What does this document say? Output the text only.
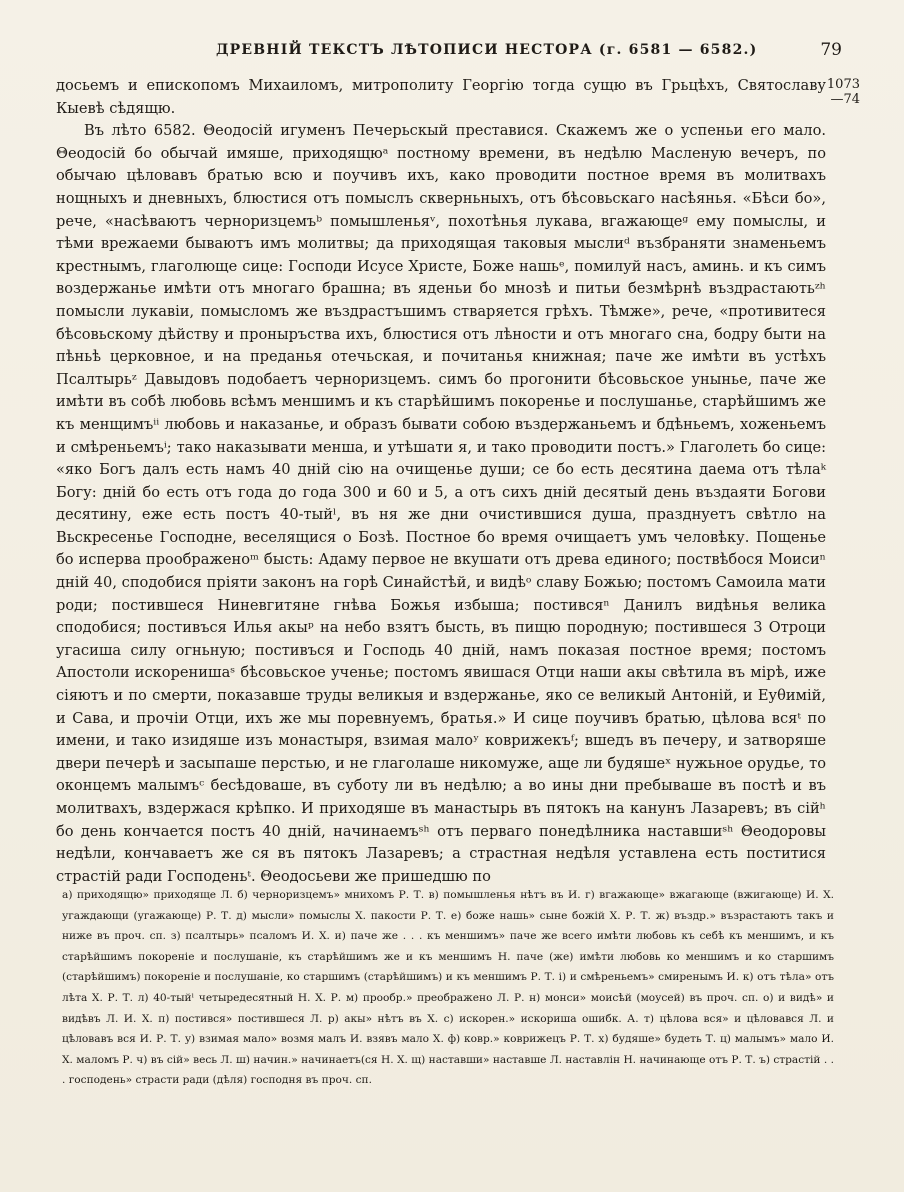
ДРЕВНІЙ ТЕКСТЪ ЛѢТОПИСИ НЕСТОРА (г. 6581 — 6582.)	79
1073
—74

досьемъ и епископомъ Михаиломъ, митрополиту Георгію тогда сущю въ Грьцѣхъ, Святославу Кыевѣ сѣдящю.

Въ лѣто 6582. Θеодосій игуменъ Печерьскый преставися. Скажемъ же о успеньи его мало. Θеодосій бо обычай имяше, приходящюᵃ постному времени, въ недѣлю Масленую вечеръ, по обычаю цѣловавъ братью всю и поучивъ ихъ, како проводити постное время въ молитвахъ нощныхъ и дневныхъ, блюстися отъ помыслъ скверньныхъ, отъ бѣсовьскаго насѣянья. «Бѣси бо», рече, «насѣваютъ черноризцемъᵇ помышленьяᵛ, похотѣнья лукава, вгажающеᵍ ему помыслы, и тѣми врежаеми бываютъ имъ молитвы; да приходящая таковыя мыслиᵈ възбраняти знаменьемъ крестнымъ, глаголюще сице: Господи Исусе Христе, Боже нашьᵉ, помилуй насъ, аминь. и къ симъ воздержанье имѣти отъ многаго брашна; въ яденьи бо мнозѣ и питьи безмѣрнѣ въздрастаютьᶻʰ помысли лукавіи, помысломъ же въздрастъшимъ стваряется грѣхъ. Тѣмже», рече, «противитеся бѣсовьскому дѣйству и проныръства ихъ, блюстися отъ лѣности и отъ многаго сна, бодру быти на пѣньѣ церковное, и на преданья отечьская, и почитанья книжная; паче же имѣти въ устѣхъ Псалтырьᶻ Давыдовъ подобаетъ черноризцемъ. симъ бо прогонити бѣсовьское уныньe, паче же имѣти въ собѣ любовь всѣмъ меншимъ и къ старѣйшимъ покореньe и послушаньe, старѣйшимъ же къ менщимъⁱⁱ любовь и наказаньe, и образъ бывати собою въздержаньемъ и бдѣньемъ, хоженьемъ и смѣреньемъⁱ; тако наказывати менша, и утѣшати я, и тако проводити постъ.» Глаголеть бо сице: «яко Богъ далъ есть намъ 40 дній сію на очищенье души; се бо есть десятина даема отъ тѣлаᵏ Богу: дній бо есть отъ года до года 300 и 60 и 5, а отъ сихъ дній десятый день въздаяти Богови десятину, еже есть постъ 40-тыйˡ, въ ня же дни очистившися душа, празднуетъ свѣтло на Вьскресенье Господне, веселящися о Бозѣ. Постное бо время очищаетъ умъ человѣку. Пощенье бо исперва проображеноᵐ бысть: Адаму первое не вкушати отъ древа единого; поствѣбося Моисиⁿ дній 40, сподобися пріяти законъ на горѣ Синайстѣй, и видѣᵒ славу Божью; постомъ Самоила мати роди; постившеся Ниневгитяне гнѣва Божья избыша; постивсяⁿ Данилъ видѣнья велика сподобися; постивъся Илья акыᵖ на небо взятъ бысть, въ пищю породную; постившеся 3 Отроци угасиша силу огньную; постивъся и Господь 40 дній, намъ показая постное время; постомъ Апостоли искоренишаˢ бѣсовьское ученье; постомъ явишася Отци наши акы свѣтила въ мірѣ, иже сіяютъ и по смерти, показавше труды великыя и вздержанье, яко се великый Антоній, и Еуθимій, и Сава, и прочіи Отци, ихъ же мы поревнуемъ, братья.» И сице поучивъ братью, цѣлова всяᵗ по имени, и тако изидяше изъ монастыря, взимая малоʸ коврижекъᶠ; вшедъ въ печеру, и затворяше двери печерѣ и засыпаше перстью, и не глаголаше никомуже, аще ли будяшеˣ нужьное орудье, то оконцемъ малымъᶜ бесѣдоваше, въ суботу ли въ недѣлю; а во ины дни пребываше въ постѣ и въ молитвахъ, вздержася крѣпко. И приходяше въ манастырь въ пятокъ на канунъ Лазаревъ; въ сійʰ бо день кончается постъ 40 дній, начинаемъˢʰ отъ перваго понедѣлника наставшиˢʰ Θеодоровы недѣли, кончаваетъ же ся въ пятокъ Лазаревъ; а страстная недѣля уставлена есть поститися страстій ради Господеньᵗ. Θеодосьеви же пришедшю по

а) приходящю» приходяще Л. б) черноризцемъ» мнихомъ Р. Т. в) помышленья нѣтъ въ И. г) вгажающе» вжагающе (вжигающе) И. Х. угаждающи (угажающе) Р. Т. д) мысли» помыслы Х. пакости Р. Т. е) боже нашь» сыне божій Х. Р. Т. ж) въздр.» възрастаютъ такъ и ниже въ проч. сп. з) псалтырь» псаломъ И. Х. и) паче же . . . къ меншимъ» паче же всего имѣти любовь къ себѣ къ меншимъ, и къ старѣйшимъ покореніе и послушаніе, къ старѣйшимъ же и къ меншимъ Н. паче (же) имѣти любовь ко меншимъ и ко старшимъ (старѣйшимъ) покореніе и послушаніе, ко старшимъ (старѣйшимъ) и къ меншимъ Р. Т. і) и смѣреньемъ» смиренымъ И. к) отъ тѣла» отъ лѣта Х. Р. Т. л) 40-тыйˡ четыредесятный Н. Х. Р. м) прообр.» преображено Л. Р. н) монси» моисѣй (моусей) въ проч. сп. о) и видѣ» и видѣвъ Л. И. Х. п) постився» постившеся Л. р) акы» нѣтъ въ Х. с) искорен.» искориша ошибк. А. т) цѣлова вся» и цѣловався Л. и цѣловавъ вся И. Р. Т. у) взимая мало» возмя малъ И. взявъ мало Х. ф) ковр.» коврижецъ Р. Т. х) будяше» будеть Т. ц) малымъ» мало И. Х. маломъ Р. ч) въ сій» весь Л. ш) начин.» начинаетъ(ся Н. Х. щ) наставши» наставше Л. наставлін Н. начинающе отъ Р. Т. ъ) страстій . . . господень» страсти ради (дѣля) господня въ проч. сп.
